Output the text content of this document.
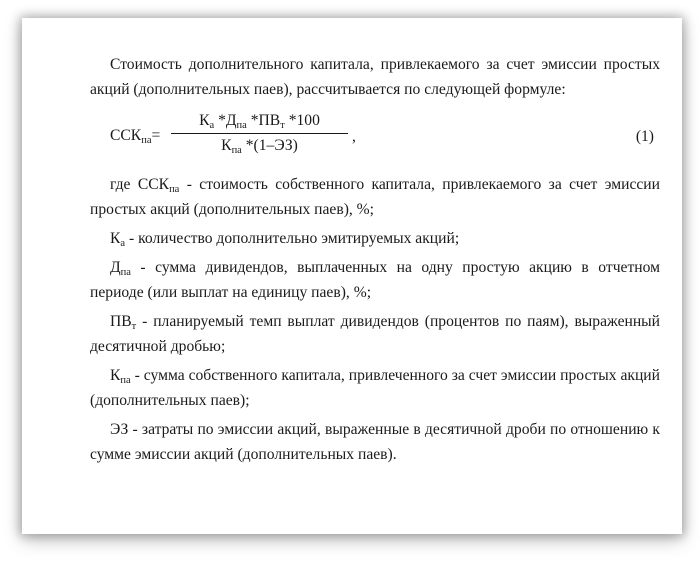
Стоимость дополнительного капитала, привлекаемого за счет эмиссии простых акций (дополнительных паев), рассчитывается по следующей формуле:

$ССК_{па}=$
$К_а$ $*Д_{па}$ $*ПВ_т$ *100
$К_{па}$ *(1–ЭЗ)
,	(1)

где $ССК_{па}$ - стоимость собственного капитала, привлекаемого за счет эмиссии простых акций (дополнительных паев), %;

$К_а$ - количество дополнительно эмитируемых акций;

$Д_{па}$ - сумма дивидендов, выплаченных на одну простую акцию в отчетном периоде (или выплат на единицу паев), %;

$ПВ_т$ - планируемый темп выплат дивидендов (процентов по паям), выраженный десятичной дробью;

$К_{па}$ - сумма собственного капитала, привлеченного за счет эмиссии простых акций (дополнительных паев);

ЭЗ - затраты по эмиссии акций, выраженные в десятичной дроби по отношению к сумме эмиссии акций (дополнительных паев).
